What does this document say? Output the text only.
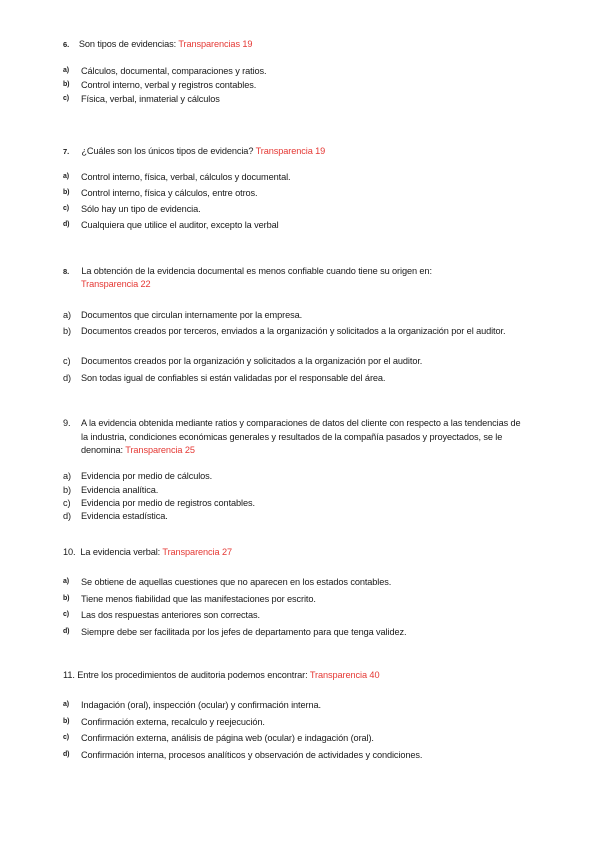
6. Son tipos de evidencias: Transparencias 19
a) Cálculos, documental, comparaciones y ratios.
b) Control interno, verbal y registros contables.
c) Física, verbal, inmaterial y cálculos
7. ¿Cuáles son los únicos tipos de evidencia? Transparencia 19
a) Control interno, física, verbal, cálculos y documental.
b) Control interno, física y cálculos, entre otros.
c) Sólo hay un tipo de evidencia.
d) Cualquiera que utilice el auditor, excepto la verbal
8. La obtención de la evidencia documental es menos confiable cuando tiene su origen en:
Transparencia 22
a) Documentos que circulan internamente por la empresa.
b) Documentos creados por terceros, enviados a la organización y solicitados a la organización por el auditor.
c) Documentos creados por la organización y solicitados a la organización por el auditor.
d) Son todas igual de confiables si están validadas por el responsable del área.
9.	A la evidencia obtenida mediante ratios y comparaciones de datos del cliente con respecto a las tendencias de la industria, condiciones económicas generales y resultados de la compañía pasados y proyectados, se le denomina: Transparencia 25
a) Evidencia por medio de cálculos.
b) Evidencia analítica.
c) Evidencia por medio de registros contables.
d) Evidencia estadística.
10. La evidencia verbal: Transparencia 27
a) Se obtiene de aquellas cuestiones que no aparecen en los estados contables.
b) Tiene menos fiabilidad que las manifestaciones por escrito.
c) Las dos respuestas anteriores son correctas.
d) Siempre debe ser facilitada por los jefes de departamento para que tenga validez.
11. Entre los procedimientos de auditoria podemos encontrar: Transparencia 40
a) Indagación (oral), inspección (ocular) y confirmación interna.
b) Confirmación externa, recalculo y reejecución.
c) Confirmación externa, análisis de página web (ocular) e indagación (oral).
d) Confirmación interna, procesos analíticos y observación de actividades y condiciones.
